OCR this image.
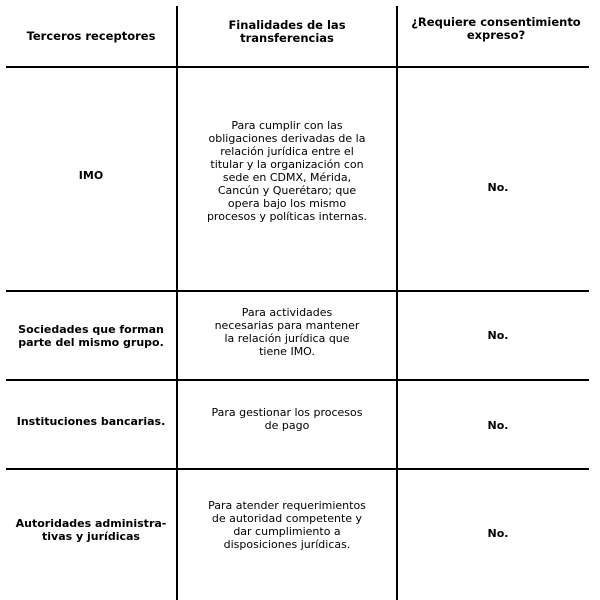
Terceros receptores
Finalidades de las transferencias
¿Requiere consentimiento expreso?
IMO
Para cumplir con las obligaciones derivadas de la relación jurídica entre el titular y la organización con sede en CDMX, Mérida, Cancún y Querétaro; que opera bajo los mismo procesos y políticas internas.
No.
Sociedades que forman parte del mismo grupo.
Para actividades necesarias para mantener la relación jurídica que tiene IMO.
No.
Instituciones bancarias.
Para gestionar los procesos de pago	No.
Autoridades administra-tivas y jurídicas
Para atender requerimientos de autoridad competente y dar cumplimiento a disposiciones jurídicas.
No.
